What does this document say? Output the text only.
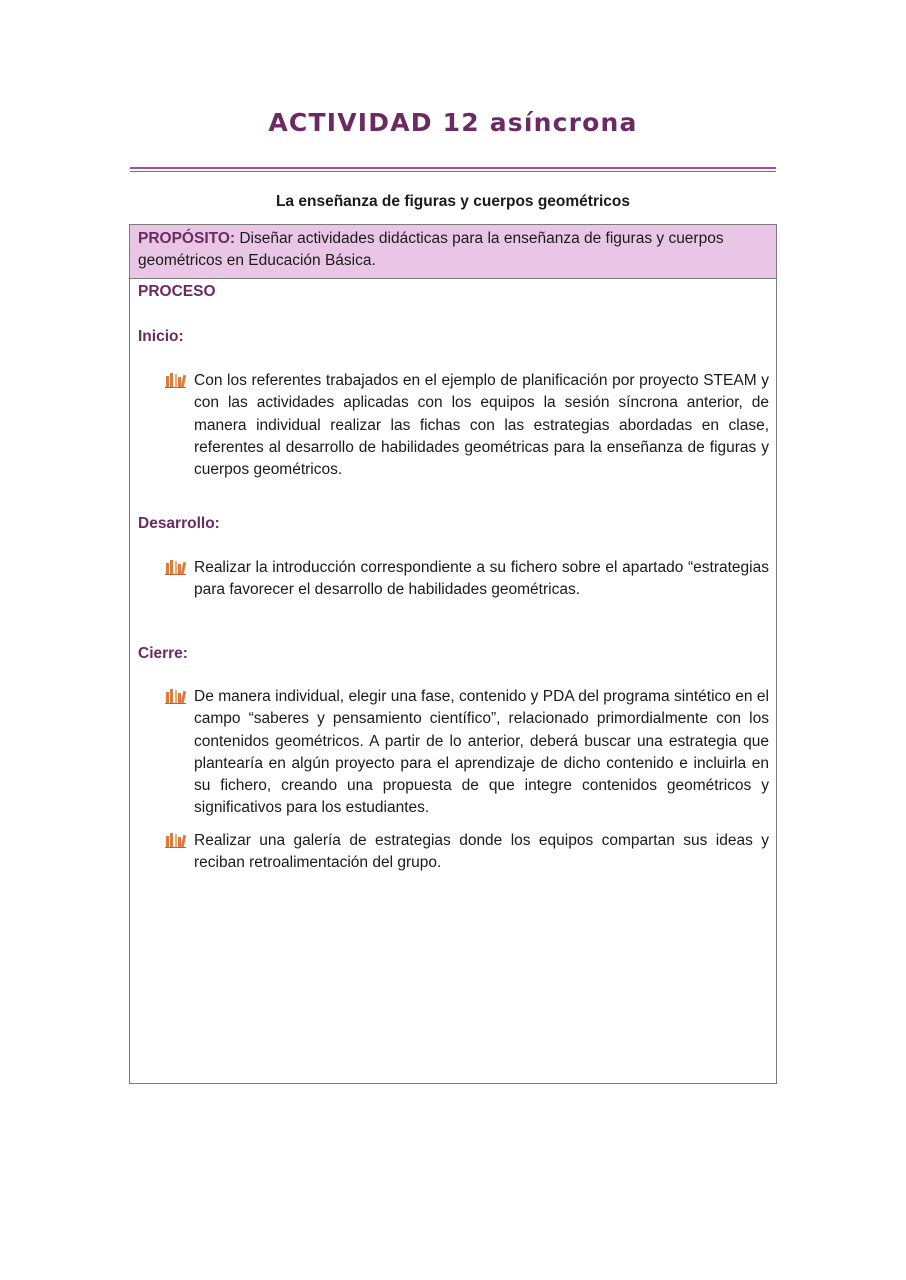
ACTIVIDAD 12 asíncrona
La enseñanza de figuras y cuerpos geométricos
PROPÓSITO: Diseñar actividades didácticas para la enseñanza de figuras y cuerpos geométricos en Educación Básica.
PROCESO
Inicio:
Con los referentes trabajados en el ejemplo de planificación por proyecto STEAM y con las actividades aplicadas con los equipos la sesión síncrona anterior, de manera individual realizar las fichas con las estrategias abordadas en clase, referentes al desarrollo de habilidades geométricas para la enseñanza de figuras y cuerpos geométricos.
Desarrollo:
Realizar la introducción correspondiente a su fichero sobre el apartado “estrategias para favorecer el desarrollo de habilidades geométricas.
Cierre:
De manera individual, elegir una fase, contenido y PDA del programa sintético en el campo “saberes y pensamiento científico”, relacionado primordialmente con los contenidos geométricos. A partir de lo anterior, deberá buscar una estrategia que plantearía en algún proyecto para el aprendizaje de dicho contenido e incluirla en su fichero, creando una propuesta de que integre contenidos geométricos y significativos para los estudiantes.
Realizar una galería de estrategias donde los equipos compartan sus ideas y reciban retroalimentación del grupo.
